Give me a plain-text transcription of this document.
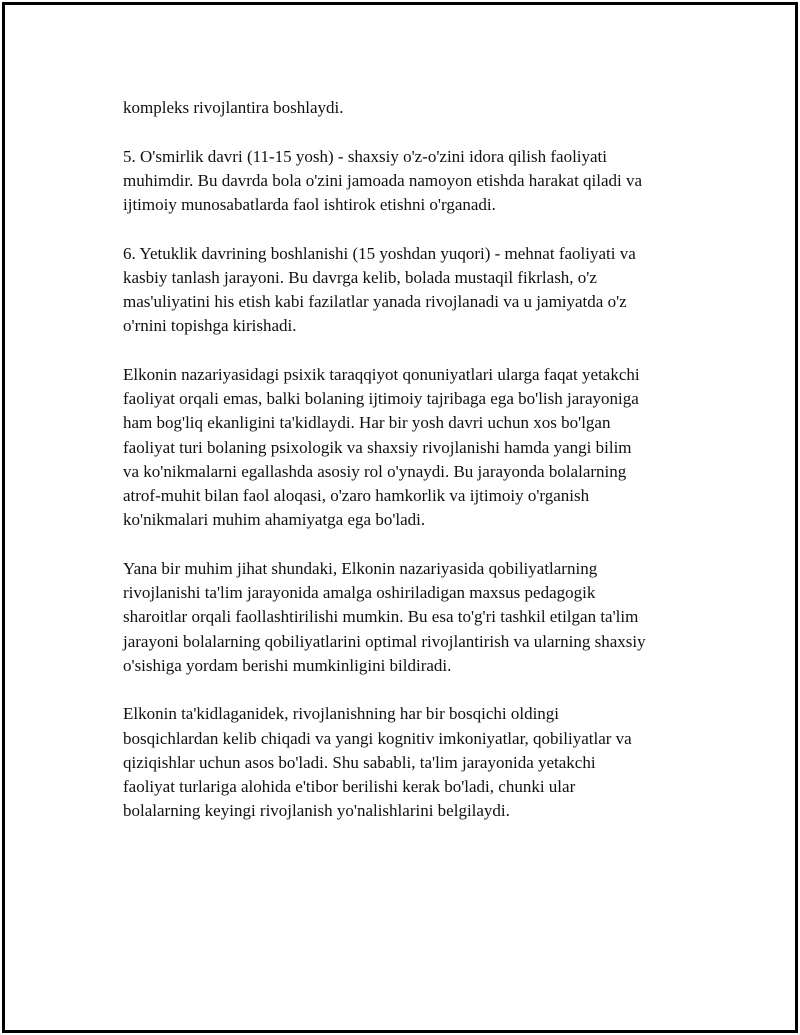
kompleks rivojlantira boshlaydi.
5. O'smirlik davri (11-15 yosh) - shaxsiy o'z-o'zini idora qilish faoliyati
muhimdir. Bu davrda bola o'zini jamoada namoyon etishda harakat qiladi va
ijtimoiy munosabatlarda faol ishtirok etishni o'rganadi.
6. Yetuklik davrining boshlanishi (15 yoshdan yuqori) - mehnat faoliyati va
kasbiy tanlash jarayoni. Bu davrga kelib, bolada mustaqil fikrlash, o'z
mas'uliyatini his etish kabi fazilatlar yanada rivojlanadi va u jamiyatda o'z
o'rnini topishga kirishadi.
Elkonin nazariyasidagi psixik taraqqiyot qonuniyatlari ularga faqat yetakchi
faoliyat orqali emas, balki bolaning ijtimoiy tajribaga ega bo'lish jarayoniga
ham bog'liq ekanligini ta'kidlaydi. Har bir yosh davri uchun xos bo'lgan
faoliyat turi bolaning psixologik va shaxsiy rivojlanishi hamda yangi bilim
va ko'nikmalarni egallashda asosiy rol o'ynaydi. Bu jarayonda bolalarning
atrof-muhit bilan faol aloqasi, o'zaro hamkorlik va ijtimoiy o'rganish
ko'nikmalari muhim ahamiyatga ega bo'ladi.
Yana bir muhim jihat shundaki, Elkonin nazariyasida qobiliyatlarning
rivojlanishi ta'lim jarayonida amalga oshiriladigan maxsus pedagogik
sharoitlar orqali faollashtirilishi mumkin. Bu esa to'g'ri tashkil etilgan ta'lim
jarayoni bolalarning qobiliyatlarini optimal rivojlantirish va ularning shaxsiy
o'sishiga yordam berishi mumkinligini bildiradi.
Elkonin ta'kidlaganidek, rivojlanishning har bir bosqichi oldingi
bosqichlardan kelib chiqadi va yangi kognitiv imkoniyatlar, qobiliyatlar va
qiziqishlar uchun asos bo'ladi. Shu sababli, ta'lim jarayonida yetakchi
faoliyat turlariga alohida e'tibor berilishi kerak bo'ladi, chunki ular
bolalarning keyingi rivojlanish yo'nalishlarini belgilaydi.
